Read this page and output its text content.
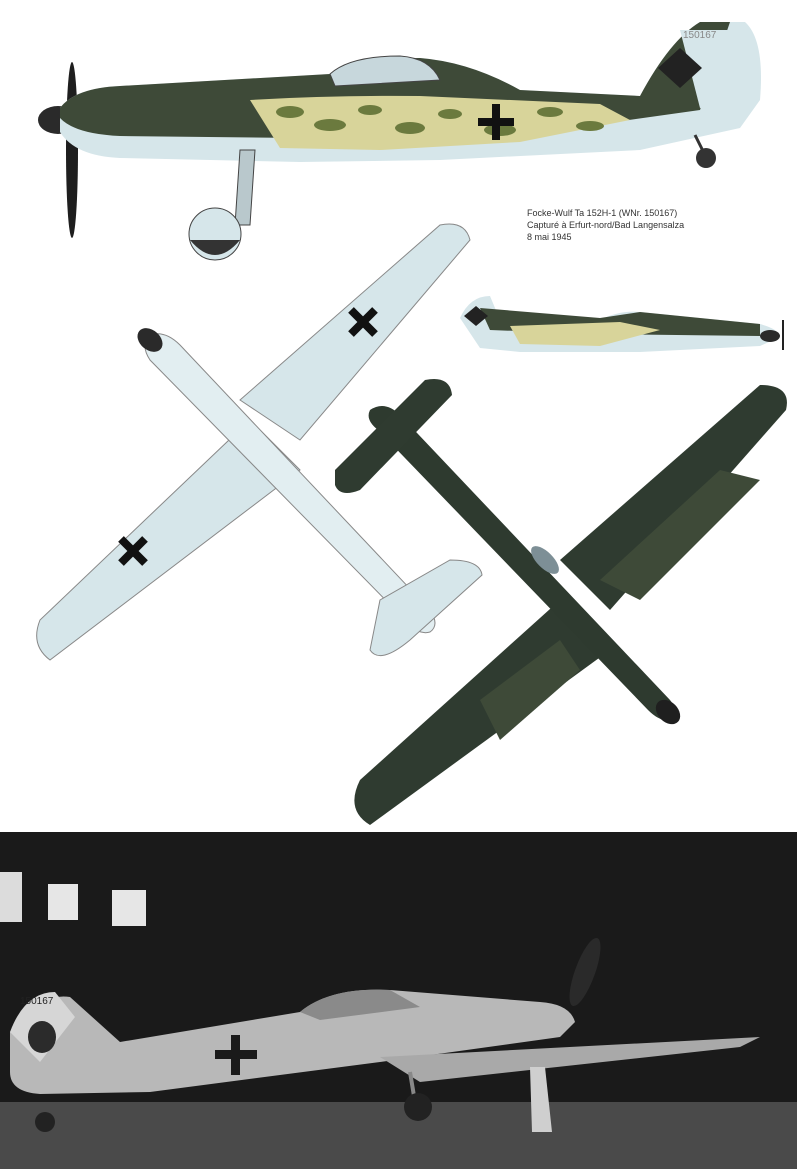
150167
Focke-Wulf Ta 152H-1 (WNr. 150167)
Capturé à Erfurt-nord/Bad Langensalza
8 mai 1945
150167
